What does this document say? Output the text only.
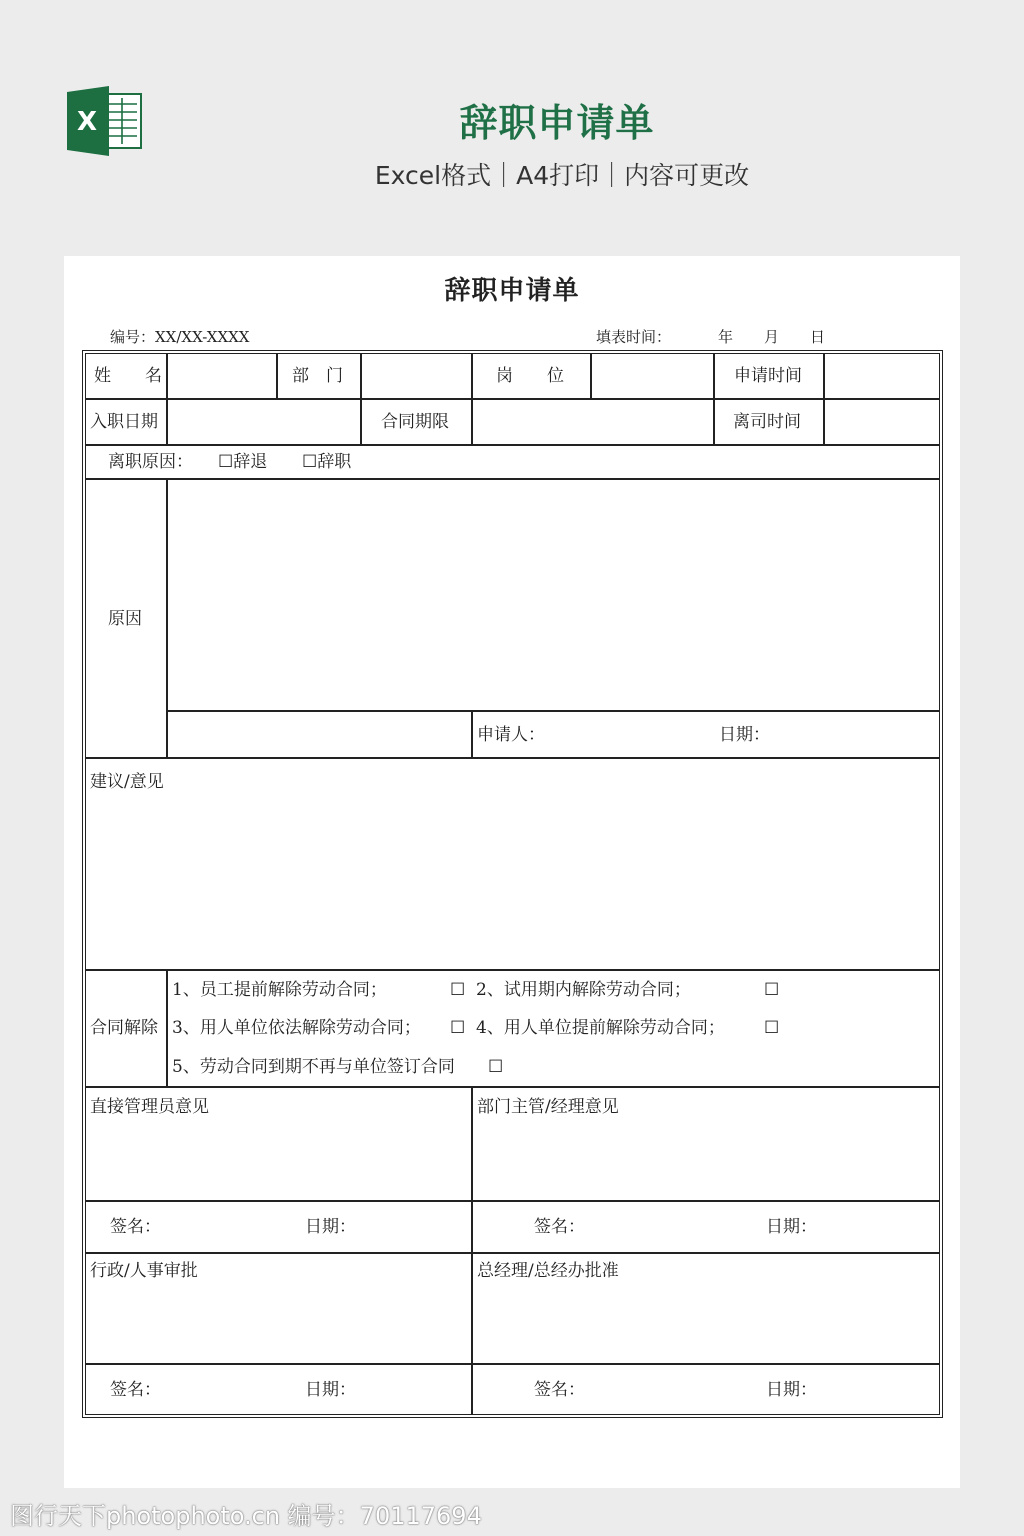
X	辞职申请单
Excel格式｜A4打印｜内容可更改
辞职申请单
编号：XX/XX-XXXX	填表时间：	年 月 日
姓　　名	部　门	岗　　位	申请时间
入职日期	合同期限	离司时间
离职原因： ☐辞退 ☐辞职
原因
申请人：	日期：
建议/意见
合同解除
1、员工提前解除劳动合同；	☐ 2、试用期内解除劳动合同；	☐
3、用人单位依法解除劳动合同； ☐ 4、用人单位提前解除劳动合同； ☐
5、劳动合同到期不再与单位签订合同 ☐
直接管理员意见	部门主管/经理意见
签名：	日期：	签名：	日期：
行政/人事审批	总经理/总经办批准
签名：	日期：	签名：	日期：
图行天下photophoto.cn 编号：70117694
